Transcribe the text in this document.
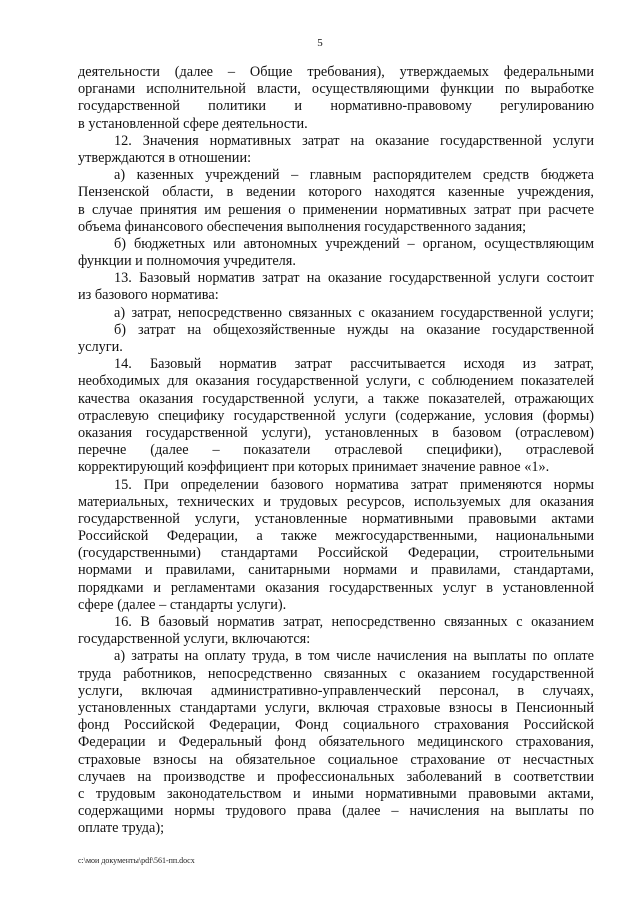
5
деятельности (далее – Общие требования), утверждаемых федеральными
органами исполнительной власти, осуществляющими функции по выработке
государственной политики и нормативно-правовому регулированию
в установленной сфере деятельности.
12. Значения нормативных затрат на оказание государственной услуги
утверждаются в отношении:
а) казенных учреждений – главным распорядителем средств бюджета
Пензенской области, в ведении которого находятся казенные учреждения,
в случае принятия им решения о применении нормативных затрат при расчете
объема финансового обеспечения выполнения государственного задания;
б) бюджетных или автономных учреждений – органом, осуществляющим
функции и полномочия учредителя.
13. Базовый норматив затрат на оказание государственной услуги состоит
из базового норматива:
а) затрат, непосредственно связанных с оказанием государственной услуги;
б) затрат на общехозяйственные нужды на оказание государственной
услуги.
14. Базовый норматив затрат рассчитывается исходя из затрат,
необходимых для оказания государственной услуги, с соблюдением показателей
качества оказания государственной услуги, а также показателей, отражающих
отраслевую специфику государственной услуги (содержание, условия (формы)
оказания государственной услуги), установленных в базовом (отраслевом)
перечне (далее – показатели отраслевой специфики), отраслевой
корректирующий коэффициент при которых принимает значение равное «1».
15. При определении базового норматива затрат применяются нормы
материальных, технических и трудовых ресурсов, используемых для оказания
государственной услуги, установленные нормативными правовыми актами
Российской Федерации, а также межгосударственными, национальными
(государственными) стандартами Российской Федерации, строительными
нормами и правилами, санитарными нормами и правилами, стандартами,
порядками и регламентами оказания государственных услуг в установленной
сфере (далее – стандарты услуги).
16. В базовый норматив затрат, непосредственно связанных с оказанием
государственной услуги, включаются:
а) затраты на оплату труда, в том числе начисления на выплаты по оплате
труда работников, непосредственно связанных с оказанием государственной
услуги, включая административно-управленческий персонал, в случаях,
установленных стандартами услуги, включая страховые взносы в Пенсионный
фонд Российской Федерации, Фонд социального страхования Российской
Федерации и Федеральный фонд обязательного медицинского страхования,
страховые взносы на обязательное социальное страхование от несчастных
случаев на производстве и профессиональных заболеваний в соответствии
с трудовым законодательством и иными нормативными правовыми актами,
содержащими нормы трудового права (далее – начисления на выплаты по
оплате труда);
c:\мои документы\pdf\561-пп.docx
